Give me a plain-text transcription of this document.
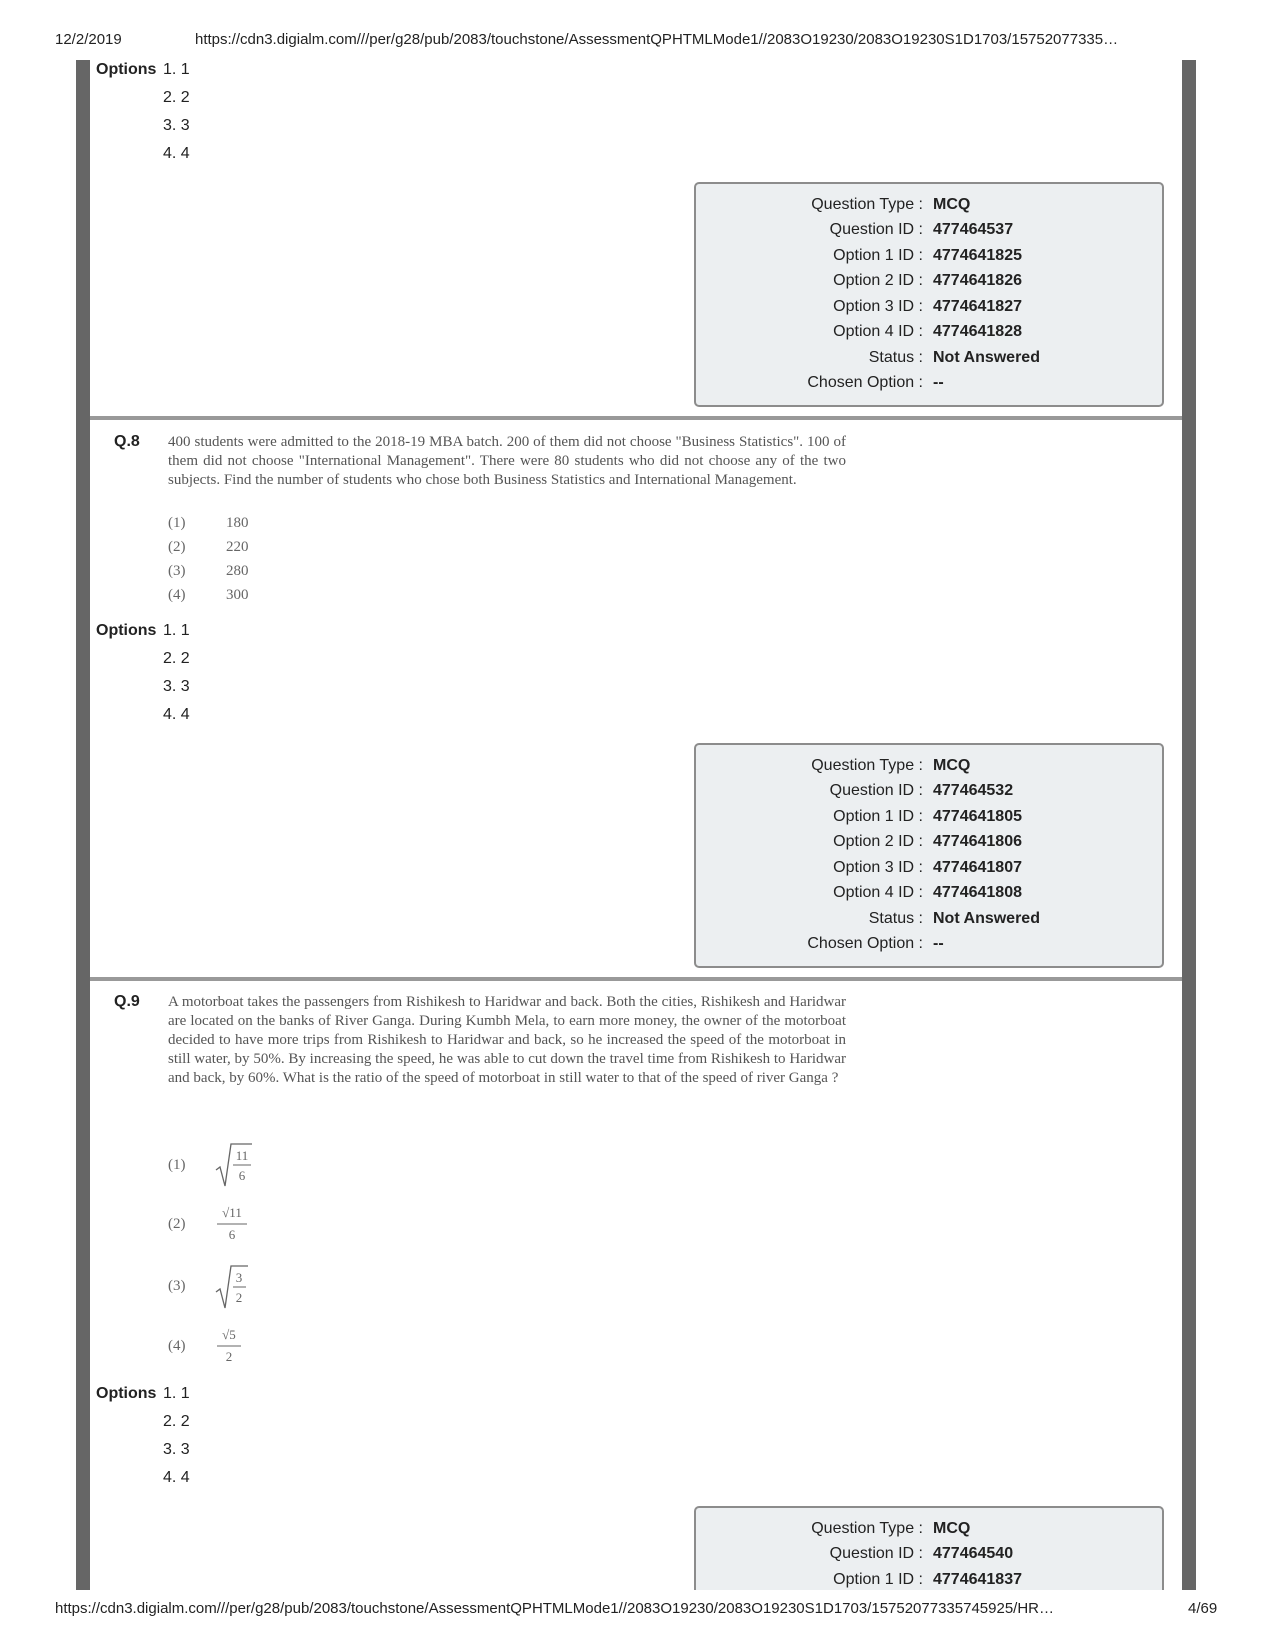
12/2/2019	https://cdn3.digialm.com///per/g28/pub/2083/touchstone/AssessmentQPHTMLMode1//2083O19230/2083O19230S1D1703/15752077335…
Options 1. 1
2. 2
3. 3
4. 4
Question Type : MCQ
Question ID : 477464537
Option 1 ID : 4774641825
Option 2 ID : 4774641826
Option 3 ID : 4774641827
Option 4 ID : 4774641828
Status : Not Answered
Chosen Option : --
Q.8 400 students were admitted to the 2018-19 MBA batch. 200 of them did not choose "Business Statistics". 100 of them did not choose "International Management". There were 80 students who did not choose any of the two subjects. Find the number of students who chose both Business Statistics and International Management.
(1)	180
(2)	220
(3)	280
(4)	300
Options 1. 1
2. 2
3. 3
4. 4
Question Type : MCQ
Question ID : 477464532
Option 1 ID : 4774641805
Option 2 ID : 4774641806
Option 3 ID : 4774641807
Option 4 ID : 4774641808
Status : Not Answered
Chosen Option : --
Q.9 A motorboat takes the passengers from Rishikesh to Haridwar and back. Both the cities, Rishikesh and Haridwar are located on the banks of River Ganga. During Kumbh Mela, to earn more money, the owner of the motorboat decided to have more trips from Rishikesh to Haridwar and back, so he increased the speed of the motorboat in still water, by 50%. By increasing the speed, he was able to cut down the travel time from Rishikesh to Haridwar and back, by 60%. What is the ratio of the speed of motorboat in still water to that of the speed of river Ganga ?
(1)
11
6
(2)
√11
6
(3)
3
2
(4)
√5
2
Options 1. 1
2. 2
3. 3
4. 4
Question Type : MCQ
Question ID : 477464540
Option 1 ID : 4774641837
https://cdn3.digialm.com///per/g28/pub/2083/touchstone/AssessmentQPHTMLMode1//2083O19230/2083O19230S1D1703/15752077335745925/HR…	4/69
